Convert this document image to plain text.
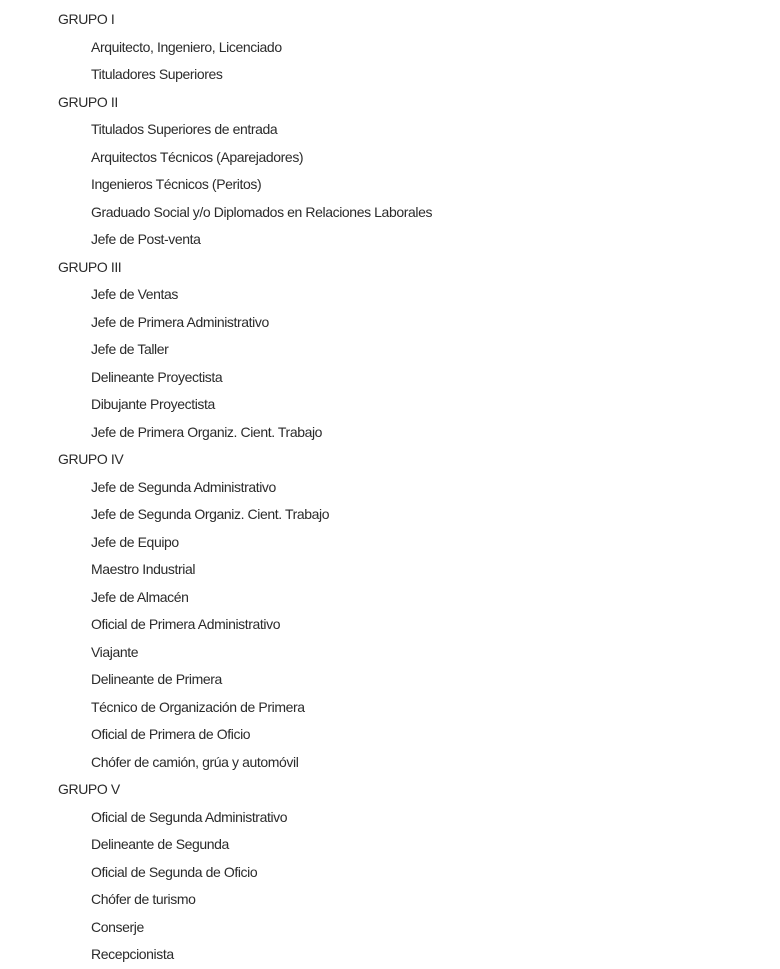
GRUPO I
Arquitecto, Ingeniero, Licenciado
Tituladores Superiores
GRUPO II
Titulados Superiores de entrada
Arquitectos Técnicos (Aparejadores)
Ingenieros Técnicos (Peritos)
Graduado Social y/o Diplomados en Relaciones Laborales
Jefe de Post-venta
GRUPO III
Jefe de Ventas
Jefe de Primera Administrativo
Jefe de Taller
Delineante Proyectista
Dibujante Proyectista
Jefe de Primera Organiz. Cient. Trabajo
GRUPO IV
Jefe de Segunda Administrativo
Jefe de Segunda Organiz. Cient. Trabajo
Jefe de Equipo
Maestro Industrial
Jefe de Almacén
Oficial de Primera Administrativo
Viajante
Delineante de Primera
Técnico de Organización de Primera
Oficial de Primera de Oficio
Chófer de camión, grúa y automóvil
GRUPO V
Oficial de Segunda Administrativo
Delineante de Segunda
Oficial de Segunda de Oficio
Chófer de turismo
Conserje
Recepcionista
